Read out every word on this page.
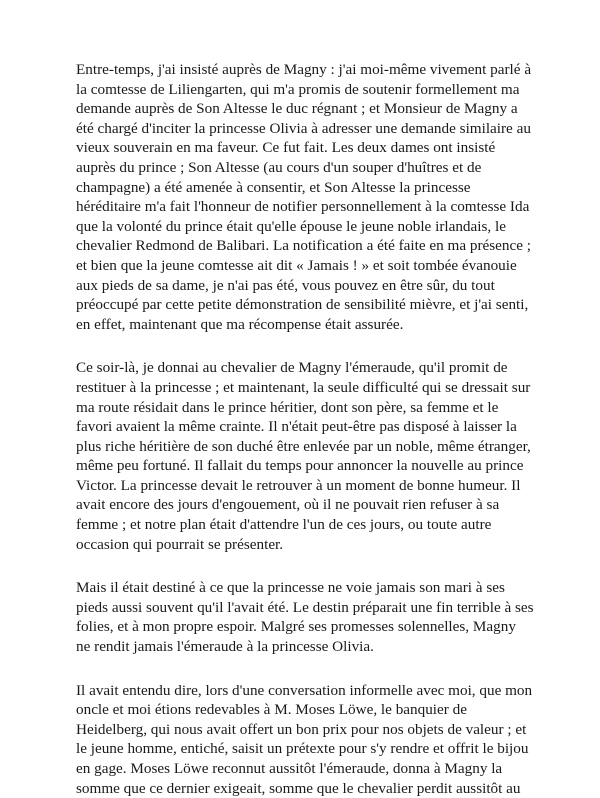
Entre-temps, j'ai insisté auprès de Magny : j'ai moi-même vivement parlé à la comtesse de Liliengarten, qui m'a promis de soutenir formellement ma demande auprès de Son Altesse le duc régnant ; et Monsieur de Magny a été chargé d'inciter la princesse Olivia à adresser une demande similaire au vieux souverain en ma faveur. Ce fut fait. Les deux dames ont insisté auprès du prince ; Son Altesse (au cours d'un souper d'huîtres et de champagne) a été amenée à consentir, et Son Altesse la princesse héréditaire m'a fait l'honneur de notifier personnellement à la comtesse Ida que la volonté du prince était qu'elle épouse le jeune noble irlandais, le chevalier Redmond de Balibari. La notification a été faite en ma présence ; et bien que la jeune comtesse ait dit « Jamais ! » et soit tombée évanouie aux pieds de sa dame, je n'ai pas été, vous pouvez en être sûr, du tout préoccupé par cette petite démonstration de sensibilité mièvre, et j'ai senti, en effet, maintenant que ma récompense était assurée.

Ce soir-là, je donnai au chevalier de Magny l'émeraude, qu'il promit de restituer à la princesse ; et maintenant, la seule difficulté qui se dressait sur ma route résidait dans le prince héritier, dont son père, sa femme et le favori avaient la même crainte. Il n'était peut-être pas disposé à laisser la plus riche héritière de son duché être enlevée par un noble, même étranger, même peu fortuné. Il fallait du temps pour annoncer la nouvelle au prince Victor. La princesse devait le retrouver à un moment de bonne humeur. Il avait encore des jours d'engouement, où il ne pouvait rien refuser à sa femme ; et notre plan était d'attendre l'un de ces jours, ou toute autre occasion qui pourrait se présenter.

Mais il était destiné à ce que la princesse ne voie jamais son mari à ses pieds aussi souvent qu'il l'avait été. Le destin préparait une fin terrible à ses folies, et à mon propre espoir. Malgré ses promesses solennelles, Magny ne rendit jamais l'émeraude à la princesse Olivia.

Il avait entendu dire, lors d'une conversation informelle avec moi, que mon oncle et moi étions redevables à M. Moses Löwe, le banquier de Heidelberg, qui nous avait offert un bon prix pour nos objets de valeur ; et le jeune homme, entiché, saisit un prétexte pour s'y rendre et offrit le bijou en gage. Moses Löwe reconnut aussitôt l'émeraude, donna à Magny la somme que ce dernier exigeait, somme que le chevalier perdit aussitôt au
